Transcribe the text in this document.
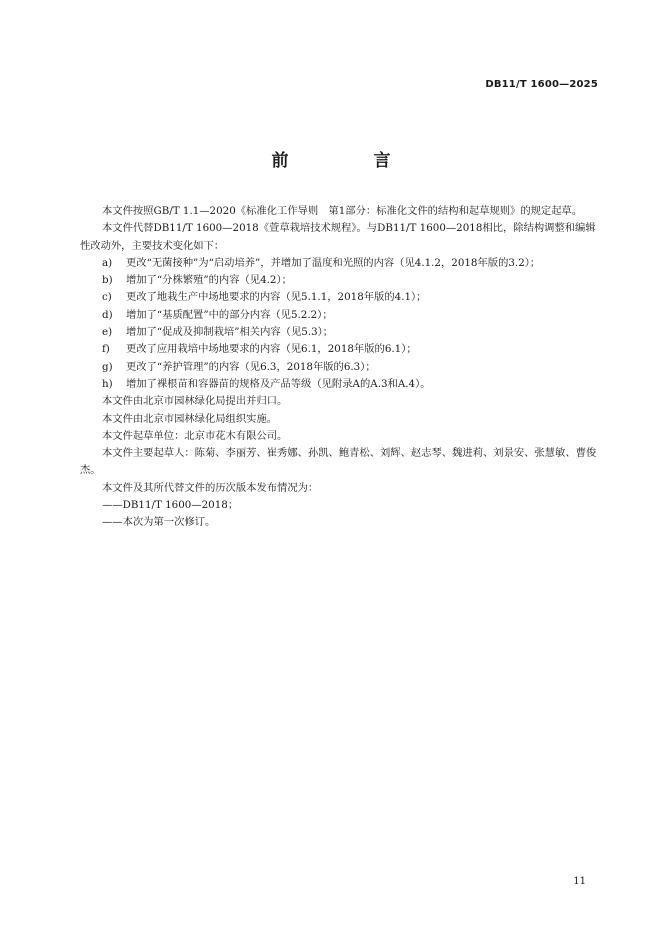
DB11/T 1600—2025
前　言

本文件按照GB/T 1.1—2020《标准化工作导则　第1部分：标准化文件的结构和起草规则》的规定起草。

本文件代替DB11/T 1600—2018《萱草栽培技术规程》。与DB11/T 1600—2018相比，除结构调整和编辑性改动外，主要技术变化如下：

a)	更改“无菌接种”为“启动培养”，并增加了温度和光照的内容（见4.1.2，2018年版的3.2）；
b)	增加了“分株繁殖”的内容（见4.2）；
c)	更改了地栽生产中场地要求的内容（见5.1.1，2018年版的4.1）；
d)	增加了“基质配置”中的部分内容（见5.2.2）；
e)	增加了“促成及抑制栽培”相关内容（见5.3）；
f)	更改了应用栽培中场地要求的内容（见6.1，2018年版的6.1）；
g)	更改了“养护管理”的内容（见6.3，2018年版的6.3）；
h)	增加了裸根苗和容器苗的规格及产品等级（见附录A的A.3和A.4）。

本文件由北京市园林绿化局提出并归口。

本文件由北京市园林绿化局组织实施。

本文件起草单位：北京市花木有限公司。

本文件主要起草人：陈菊、李丽芳、崔秀娜、孙凯、鲍青松、刘辉、赵志琴、魏进莉、刘景安、张慧敏、曹俊杰。

本文件及其所代替文件的历次版本发布情况为：

——DB11/T 1600—2018；

——本次为第一次修订。

11
